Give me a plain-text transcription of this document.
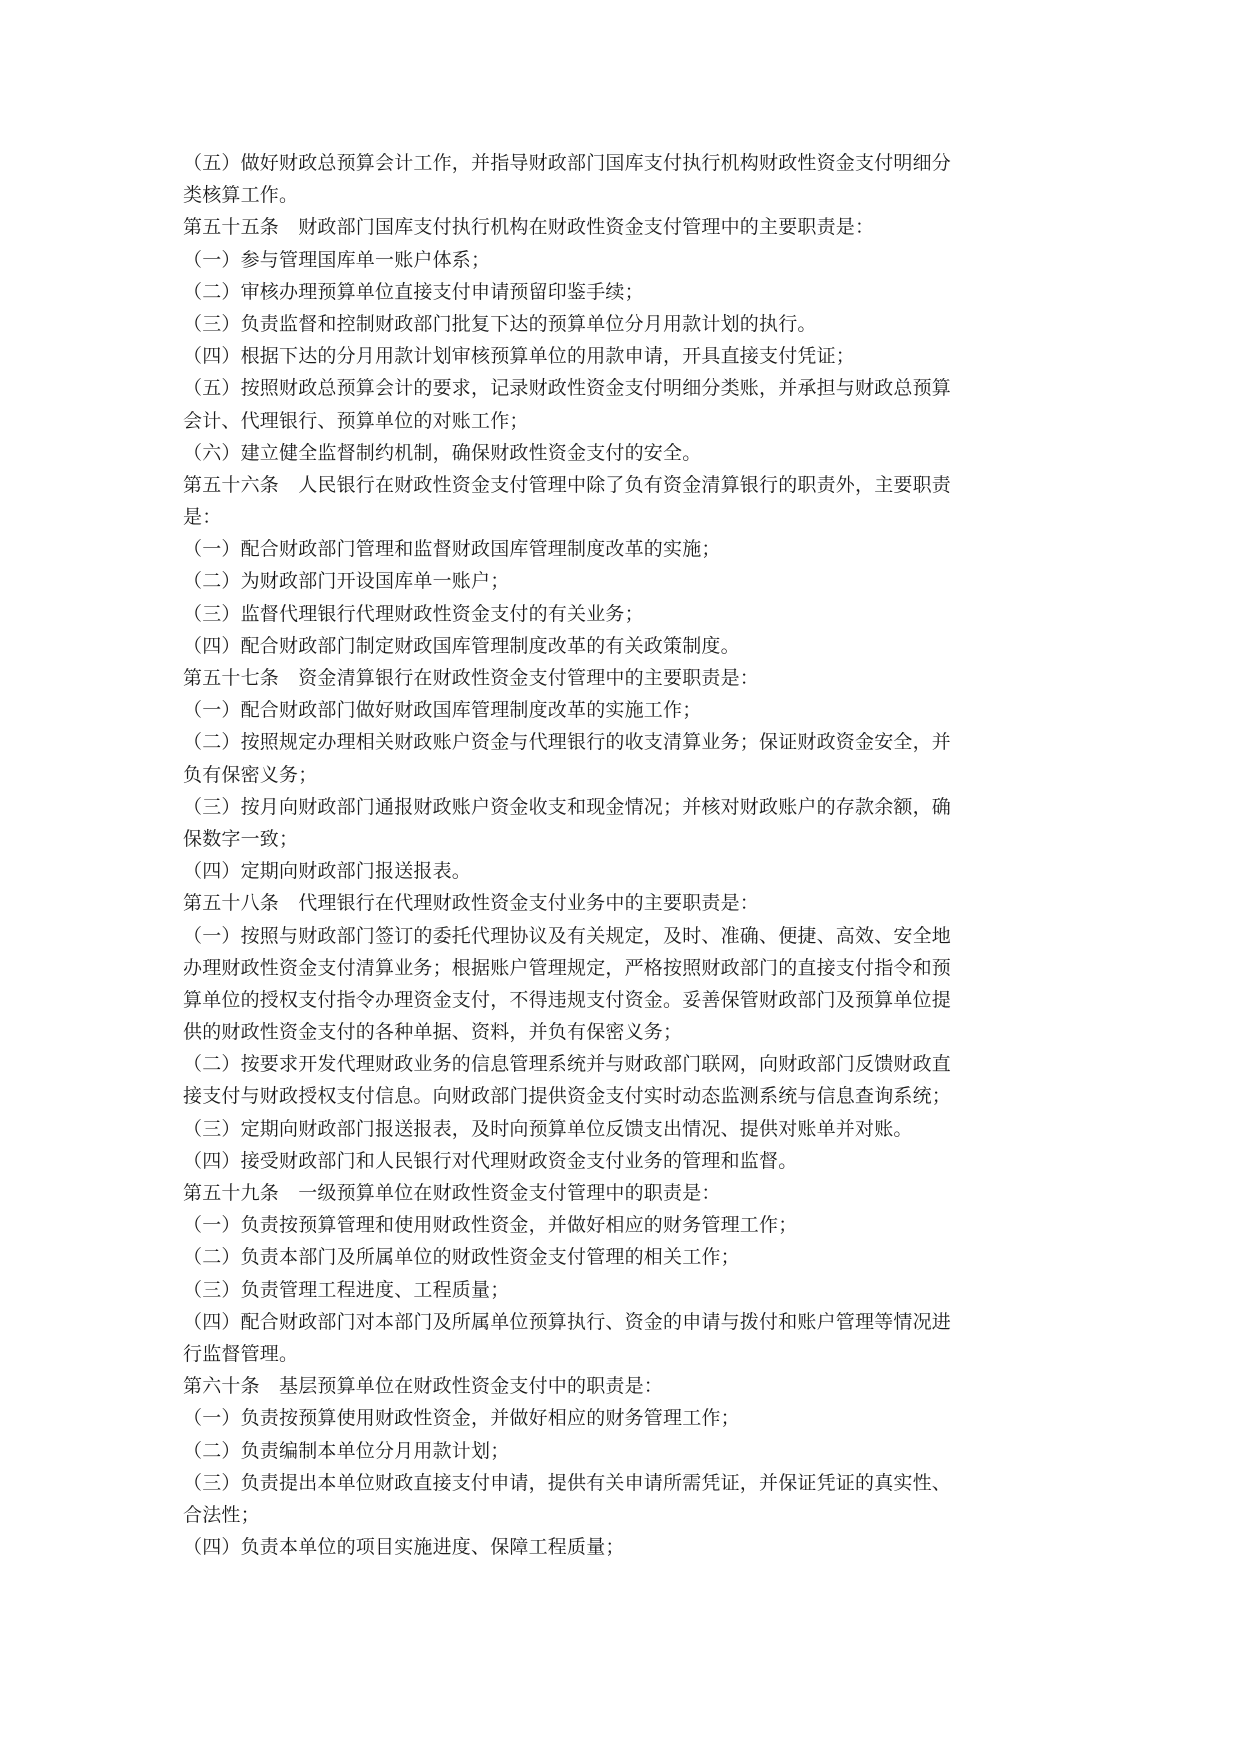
（五）做好财政总预算会计工作，并指导财政部门国库支付执行机构财政性资金支付明细分
类核算工作。
第五十五条　财政部门国库支付执行机构在财政性资金支付管理中的主要职责是：
（一）参与管理国库单一账户体系；
（二）审核办理预算单位直接支付申请预留印鉴手续；
（三）负责监督和控制财政部门批复下达的预算单位分月用款计划的执行。
（四）根据下达的分月用款计划审核预算单位的用款申请，开具直接支付凭证；
（五）按照财政总预算会计的要求，记录财政性资金支付明细分类账，并承担与财政总预算
会计、代理银行、预算单位的对账工作；
（六）建立健全监督制约机制，确保财政性资金支付的安全。
第五十六条　人民银行在财政性资金支付管理中除了负有资金清算银行的职责外，主要职责
是：
（一）配合财政部门管理和监督财政国库管理制度改革的实施；
（二）为财政部门开设国库单一账户；
（三）监督代理银行代理财政性资金支付的有关业务；
（四）配合财政部门制定财政国库管理制度改革的有关政策制度。
第五十七条　资金清算银行在财政性资金支付管理中的主要职责是：
（一）配合财政部门做好财政国库管理制度改革的实施工作；
（二）按照规定办理相关财政账户资金与代理银行的收支清算业务；保证财政资金安全，并
负有保密义务；
（三）按月向财政部门通报财政账户资金收支和现金情况；并核对财政账户的存款余额，确
保数字一致；
（四）定期向财政部门报送报表。
第五十八条　代理银行在代理财政性资金支付业务中的主要职责是：
（一）按照与财政部门签订的委托代理协议及有关规定，及时、准确、便捷、高效、安全地
办理财政性资金支付清算业务；根据账户管理规定，严格按照财政部门的直接支付指令和预
算单位的授权支付指令办理资金支付，不得违规支付资金。妥善保管财政部门及预算单位提
供的财政性资金支付的各种单据、资料，并负有保密义务；
（二）按要求开发代理财政业务的信息管理系统并与财政部门联网，向财政部门反馈财政直
接支付与财政授权支付信息。向财政部门提供资金支付实时动态监测系统与信息查询系统；
（三）定期向财政部门报送报表，及时向预算单位反馈支出情况、提供对账单并对账。
（四）接受财政部门和人民银行对代理财政资金支付业务的管理和监督。
第五十九条　一级预算单位在财政性资金支付管理中的职责是：
（一）负责按预算管理和使用财政性资金，并做好相应的财务管理工作；
（二）负责本部门及所属单位的财政性资金支付管理的相关工作；
（三）负责管理工程进度、工程质量；
（四）配合财政部门对本部门及所属单位预算执行、资金的申请与拨付和账户管理等情况进
行监督管理。
第六十条　基层预算单位在财政性资金支付中的职责是：
（一）负责按预算使用财政性资金，并做好相应的财务管理工作；
（二）负责编制本单位分月用款计划；
（三）负责提出本单位财政直接支付申请，提供有关申请所需凭证，并保证凭证的真实性、
合法性；
（四）负责本单位的项目实施进度、保障工程质量；
